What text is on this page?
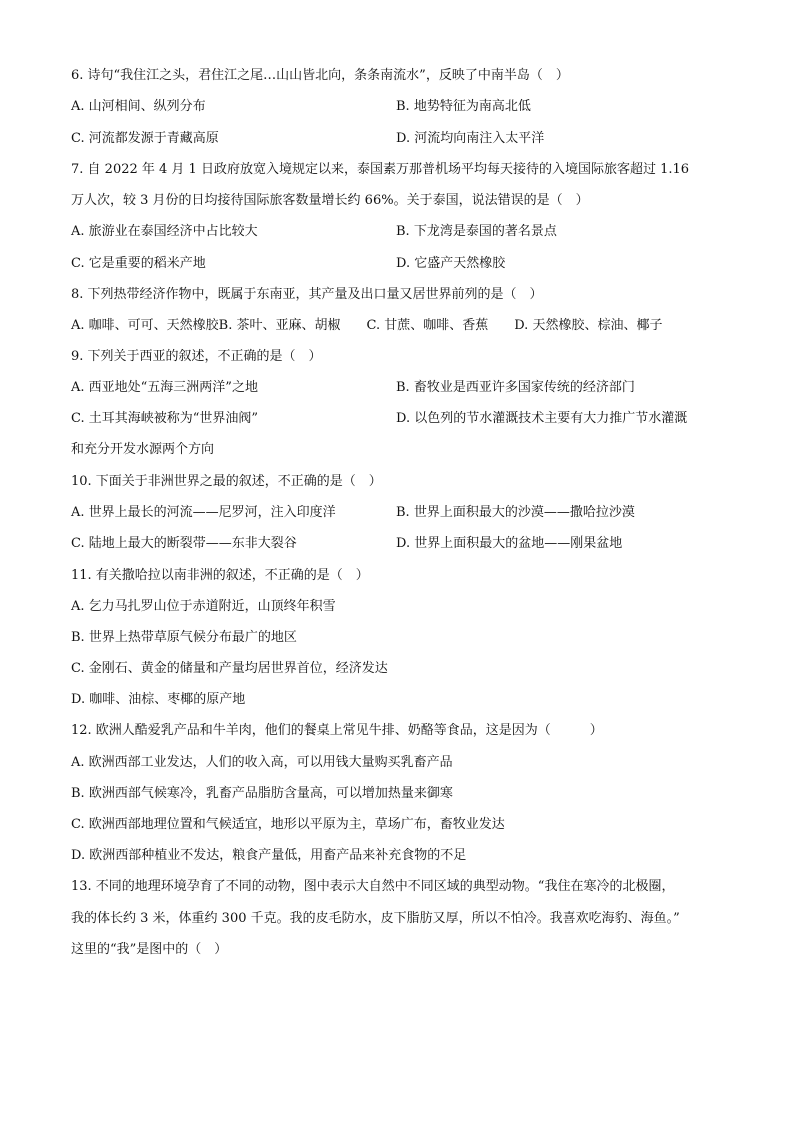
6. 诗句“我住江之头，君住江之尾…山山皆北向，条条南流水”，反映了中南半岛（　）
A. 山河相间、纵列分布	B. 地势特征为南高北低
C. 河流都发源于青藏高原	D. 河流均向南注入太平洋
7. 自 2022 年 4 月 1 日政府放宽入境规定以来，泰国素万那普机场平均每天接待的入境国际旅客超过 1.16
万人次，较 3 月份的日均接待国际旅客数量增长约 66%。关于泰国，说法错误的是（　）
A. 旅游业在泰国经济中占比较大	B. 下龙湾是泰国的著名景点
C. 它是重要的稻米产地	D. 它盛产天然橡胶
8. 下列热带经济作物中，既属于东南亚，其产量及出口量又居世界前列的是（　）
A. 咖啡、可可、天然橡胶B. 茶叶、亚麻、胡椒　　C. 甘蔗、咖啡、香蕉　　D. 天然橡胶、棕油、椰子
9. 下列关于西亚的叙述，不正确的是（　）
A. 西亚地处“五海三洲两洋”之地	B. 畜牧业是西亚许多国家传统的经济部门
C. 土耳其海峡被称为“世界油阀”	D. 以色列的节水灌溉技术主要有大力推广节水灌溉
和充分开发水源两个方向
10. 下面关于非洲世界之最的叙述，不正确的是（　）
A. 世界上最长的河流——尼罗河，注入印度洋	B. 世界上面积最大的沙漠——撒哈拉沙漠
C. 陆地上最大的断裂带——东非大裂谷	D. 世界上面积最大的盆地——刚果盆地
11. 有关撒哈拉以南非洲的叙述，不正确的是（　）
A. 乞力马扎罗山位于赤道附近，山顶终年积雪
B. 世界上热带草原气候分布最广的地区
C. 金刚石、黄金的储量和产量均居世界首位，经济发达
D. 咖啡、油棕、枣椰的原产地
12. 欧洲人酷爱乳产品和牛羊肉，他们的餐桌上常见牛排、奶酪等食品，这是因为（　　　）
A. 欧洲西部工业发达，人们的收入高，可以用钱大量购买乳畜产品
B. 欧洲西部气候寒冷，乳畜产品脂肪含量高，可以增加热量来御寒
C. 欧洲西部地理位置和气候适宜，地形以平原为主，草场广布，畜牧业发达
D. 欧洲西部种植业不发达，粮食产量低，用畜产品来补充食物的不足
13. 不同的地理环境孕育了不同的动物，图中表示大自然中不同区域的典型动物。“我住在寒冷的北极圈，
我的体长约 3 米，体重约 300 千克。我的皮毛防水，皮下脂肪又厚，所以不怕冷。我喜欢吃海豹、海鱼。”
这里的“我”是图中的（　）
